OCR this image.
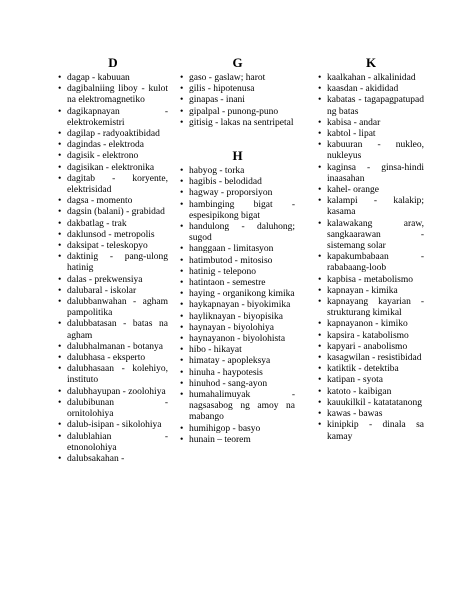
D
• dagap - kabuuan
• dagibalniing liboy - kulot na elektromagnetiko
• dagikapnayan - elektrokemistri
• dagilap - radyoaktibidad
• dagindas - elektroda
• dagisik - elektrono
• dagisikan - elektronika
• dagitab - koryente, elektrisidad
• dagsa - momento
• dagsin (balani) - grabidad
• dakbatlag - trak
• daklunsod - metropolis
• daksipat - teleskopyo
• daktinig - pang-ulong hatinig
• dalas - prekwensiya
• dalubaral - iskolar
• dalubbanwahan - agham pampolitika
• dalubbatasan - batas na agham
• dalubhalmanan - botanya
• dalubhasa - eksperto
• dalubhasaan - kolehiyo, instituto
• dalubhayupan - zoolohiya
• dalubibunan - ornitolohiya
• dalub-isipan - sikolohiya
• dalublahian - etnonolohiya
• dalubsakahan -
G
• gaso - gaslaw; harot
• gilis - hipotenusa
• ginapas - inani
• gipalpal - punong-puno
• gitisig - lakas na sentripetal
H
• habyog - torka
• hagibis - belodidad
• hagway - proporsiyon
• hambinging bigat - espesipikong bigat
• handulong - daluhong; sugod
• hanggaan - limitasyon
• hatimbutod - mitosiso
• hatinig - telepono
• hatintaon - semestre
• haying - organikong kimika
• haykapnayan - biyokimika
• hayliknayan - biyopisika
• haynayan - biyolohiya
• haynayanon - biyolohista
• hibo - hikayat
• himatay - apopleksya
• hinuha - haypotesis
• hinuhod - sang-ayon
• humahalimuyak - nagsasabog ng amoy na mabango
• humihigop - basyo
• hunain – teorem
K
• kaalkahan - alkalinidad
• kaasdan - akididad
• kabatas - tagapagpatupad ng batas
• kabisa - andar
• kabtol - lipat
• kabuuran - nukleo, nukleyus
• kaginsa - ginsa-hindi inaasahan
• kahel- orange
• kalampi - kalakip; kasama
• kalawakang araw, sangkaarawan - sistemang solar
• kapakumbabaan - rababaang-loob
• kapbisa - metabolismo
• kapnayan - kimika
• kapnayang kayarian - strukturang kimikal
• kapnayanon - kimiko
• kapsira - katabolismo
• kapyari - anabolismo
• kasagwilan - resistibidad
• katiktik - detektiba
• katipan - syota
• katoto - kaibigan
• kauukilkil - katatatanong
• kawas - bawas
• kinipkip - dinala sa kamay
